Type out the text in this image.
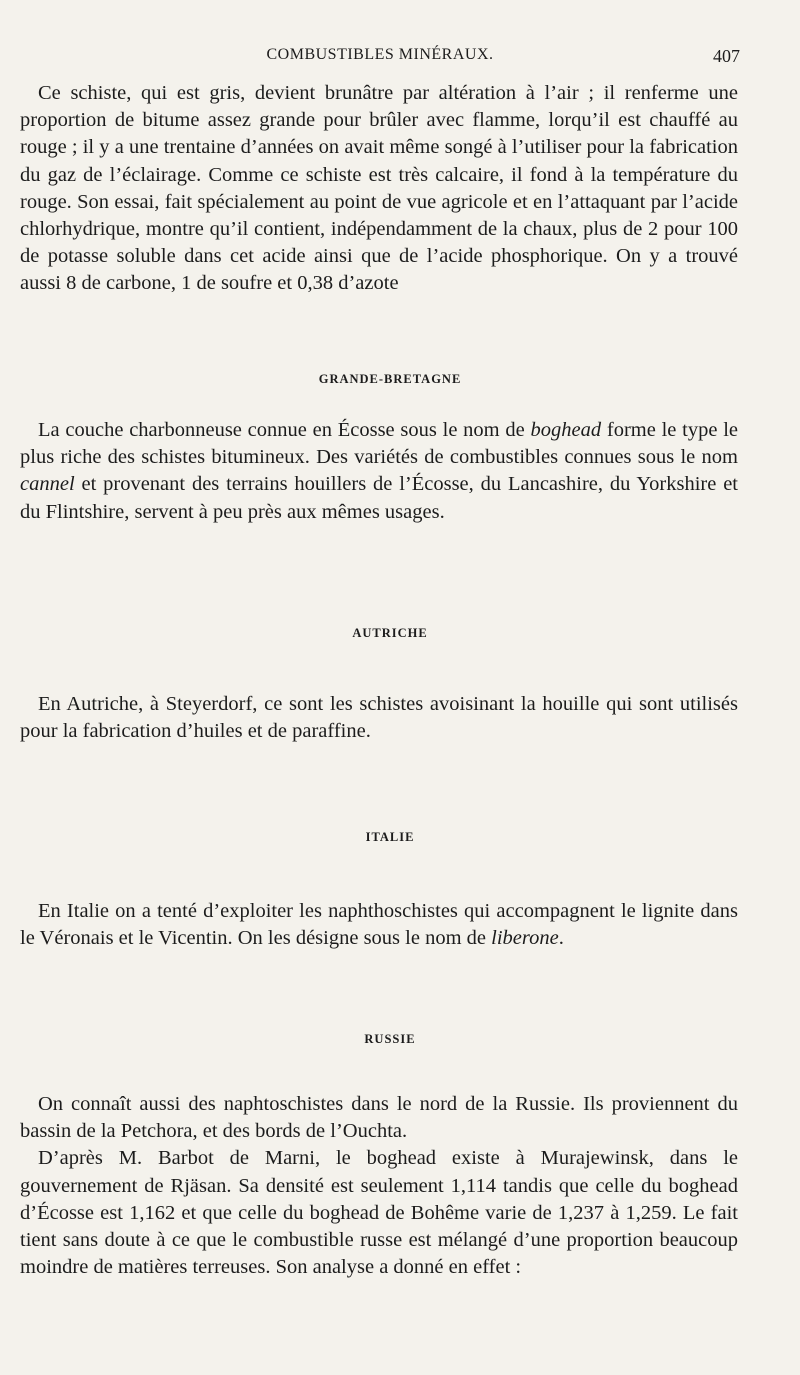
COMBUSTIBLES MINÉRAUX.	407

Ce schiste, qui est gris, devient brunâtre par altération à l’air ; il renferme une proportion de bitume assez grande pour brûler avec flamme, lorqu’il est chauffé au rouge ; il y a une trentaine d’années on avait même songé à l’utiliser pour la fabrication du gaz de l’éclairage. Comme ce schiste est très calcaire, il fond à la température du rouge. Son essai, fait spécialement au point de vue agricole et en l’attaquant par l’acide chlorhydrique, montre qu’il contient, indépendamment de la chaux, plus de 2 pour 100 de potasse soluble dans cet acide ainsi que de l’acide phosphorique. On y a trouvé aussi 8 de carbone, 1 de soufre et 0,38 d’azote

GRANDE-BRETAGNE

La couche charbonneuse connue en Écosse sous le nom de boghead forme le type le plus riche des schistes bitumineux. Des variétés de combustibles connues sous le nom cannel et provenant des terrains houillers de l’Écosse, du Lancashire, du Yorkshire et du Flintshire, servent à peu près aux mêmes usages.

AUTRICHE

En Autriche, à Steyerdorf, ce sont les schistes avoisinant la houille qui sont utilisés pour la fabrication d’huiles et de paraffine.

ITALIE

En Italie on a tenté d’exploiter les naphthoschistes qui accompagnent le lignite dans le Véronais et le Vicentin. On les désigne sous le nom de liberone.

RUSSIE

On connaît aussi des naphtoschistes dans le nord de la Russie. Ils proviennent du bassin de la Petchora, et des bords de l’Ouchta.

D’après M. Barbot de Marni, le boghead existe à Murajewinsk, dans le gouvernement de Rjäsan. Sa densité est seulement 1,114 tandis que celle du boghead d’Écosse est 1,162 et que celle du boghead de Bohême varie de 1,237 à 1,259. Le fait tient sans doute à ce que le combustible russe est mélangé d’une proportion beaucoup moindre de matières terreuses. Son analyse a donné en effet :
